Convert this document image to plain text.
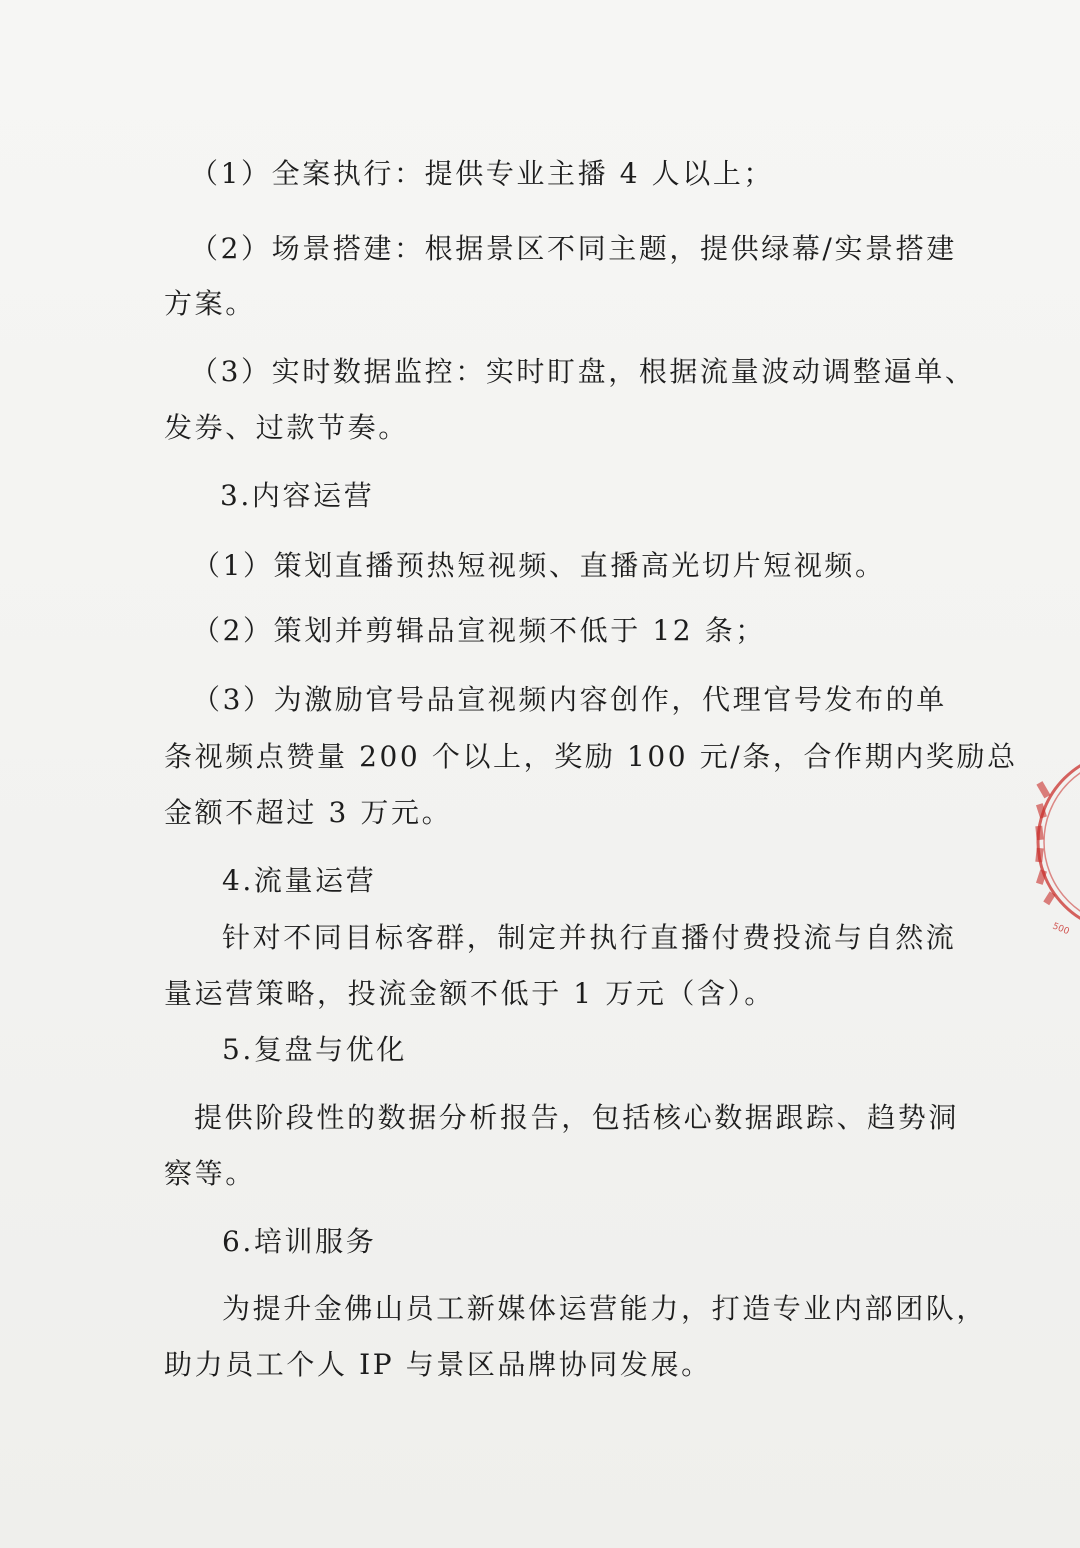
（1）全案执行：提供专业主播 4 人以上；
（2）场景搭建：根据景区不同主题，提供绿幕/实景搭建
方案。
（3）实时数据监控：实时盯盘，根据流量波动调整逼单、
发券、过款节奏。
3.内容运营
（1）策划直播预热短视频、直播高光切片短视频。
（2）策划并剪辑品宣视频不低于 12 条；
（3）为激励官号品宣视频内容创作，代理官号发布的单
条视频点赞量 200 个以上，奖励 100 元/条，合作期内奖励总
金额不超过 3 万元。
4.流量运营
针对不同目标客群，制定并执行直播付费投流与自然流
量运营策略，投流金额不低于 1 万元（含）。
5.复盘与优化
提供阶段性的数据分析报告，包括核心数据跟踪、趋势洞
察等。
6.培训服务
为提升金佛山员工新媒体运营能力，打造专业内部团队，
助力员工个人 IP 与景区品牌协同发展。
500
